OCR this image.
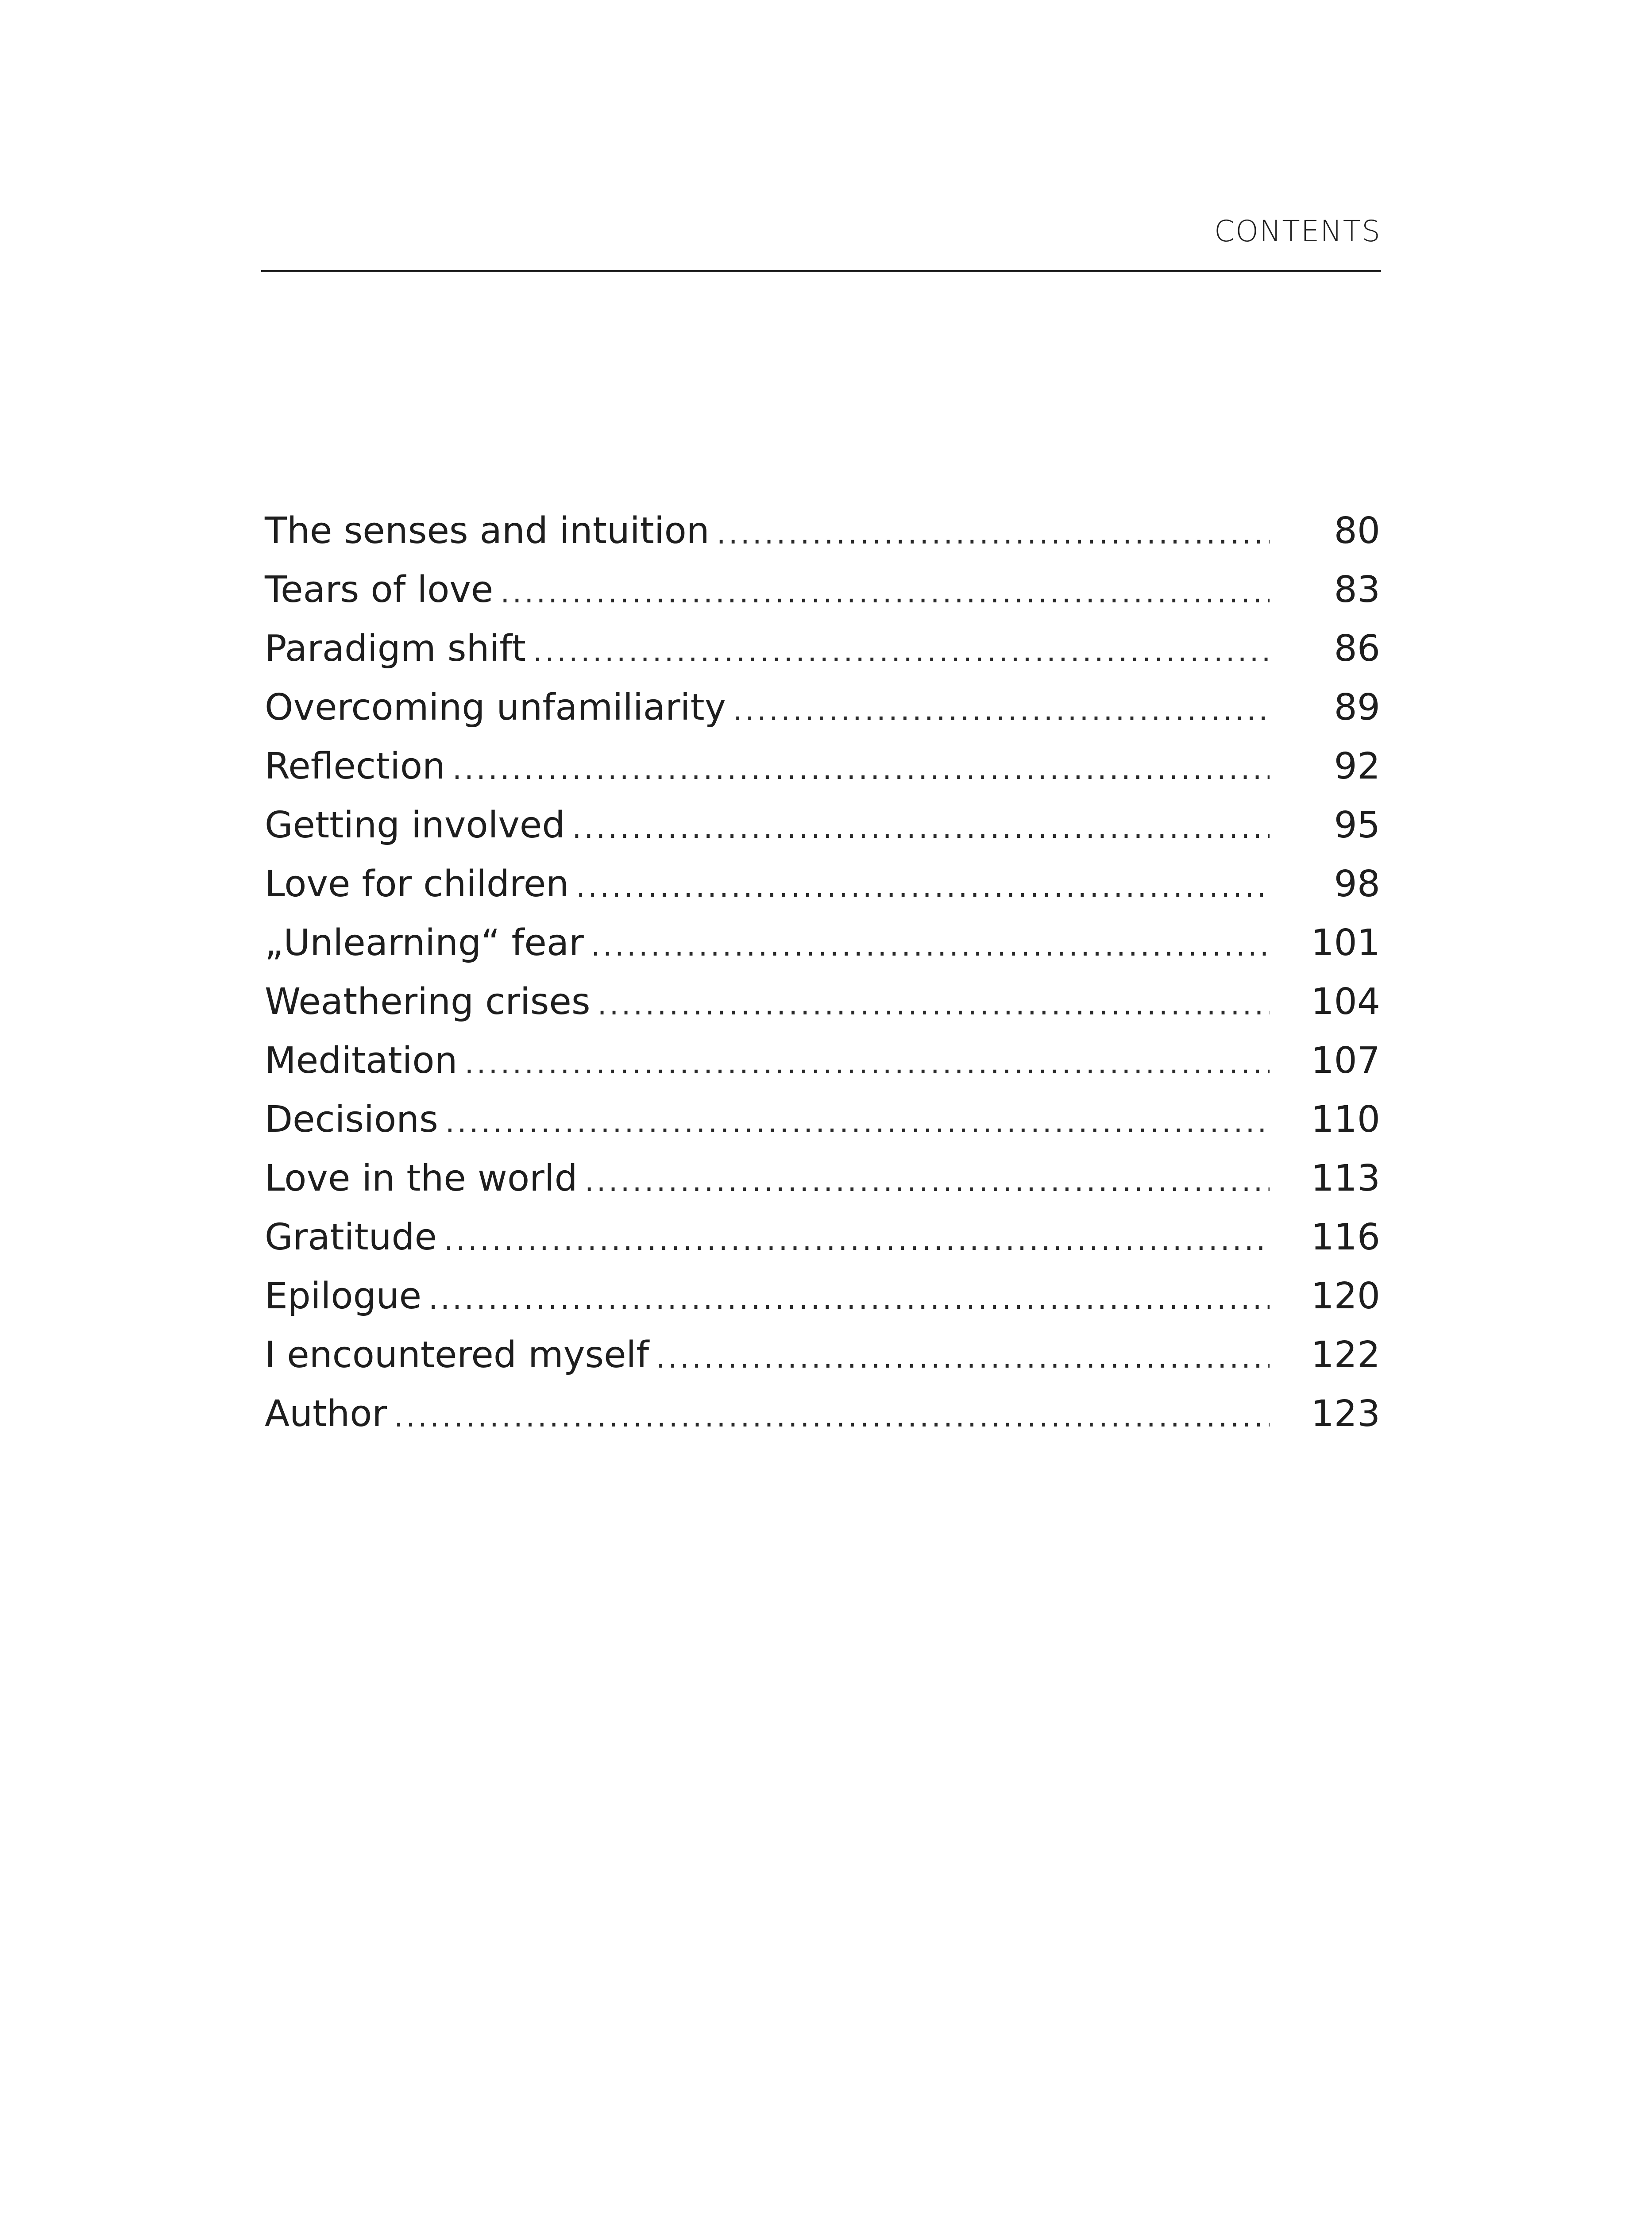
CONTENTS
The senses and intuition .....	80
Tears of love .....	83
Paradigm shift .....	86
Overcoming unfamiliarity .....	89
Reflection .....	92
Getting involved .....	95
Love for children .....	98
„Unlearning“ fear .....	101
Weathering crises .....	104
Meditation .....	107
Decisions .....	110
Love in the world .....	113
Gratitude .....	116
Epilogue .....	120
I encountered myself .....	122
Author .....	123
